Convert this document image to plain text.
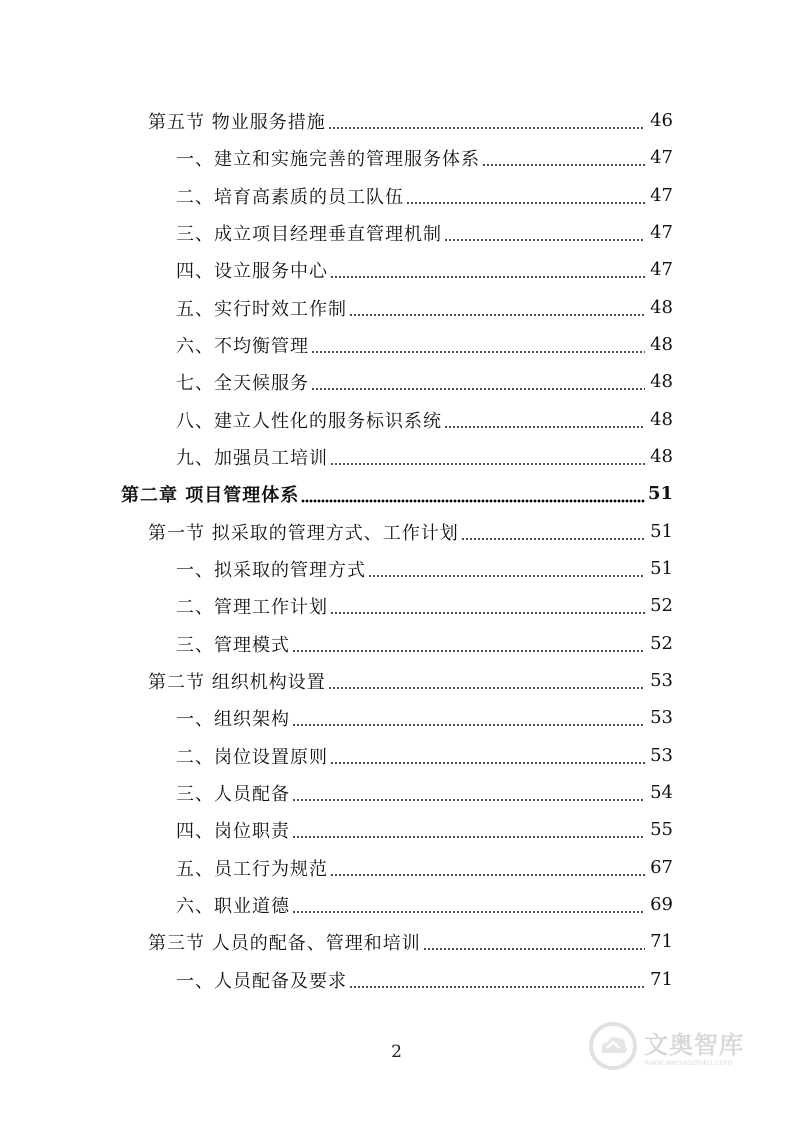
第五节 物业服务措施	46
一、建立和实施完善的管理服务体系	47
二、培育高素质的员工队伍	47
三、成立项目经理垂直管理机制	47
四、设立服务中心	47
五、实行时效工作制	48
六、不均衡管理	48
七、全天候服务	48
八、建立人性化的服务标识系统	48
九、加强员工培训	48
第二章 项目管理体系	51
第一节 拟采取的管理方式、工作计划	51
一、拟采取的管理方式	51
二、管理工作计划	52
三、管理模式	52
第二节 组织机构设置	53
一、组织架构	53
二、岗位设置原则	53
三、人员配备	54
四、岗位职责	55
五、员工行为规范	67
六、职业道德	69
第三节 人员的配备、管理和培训	71
一、人员配备及要求	71
2	文奥智库
www.wenaozhiku.com
